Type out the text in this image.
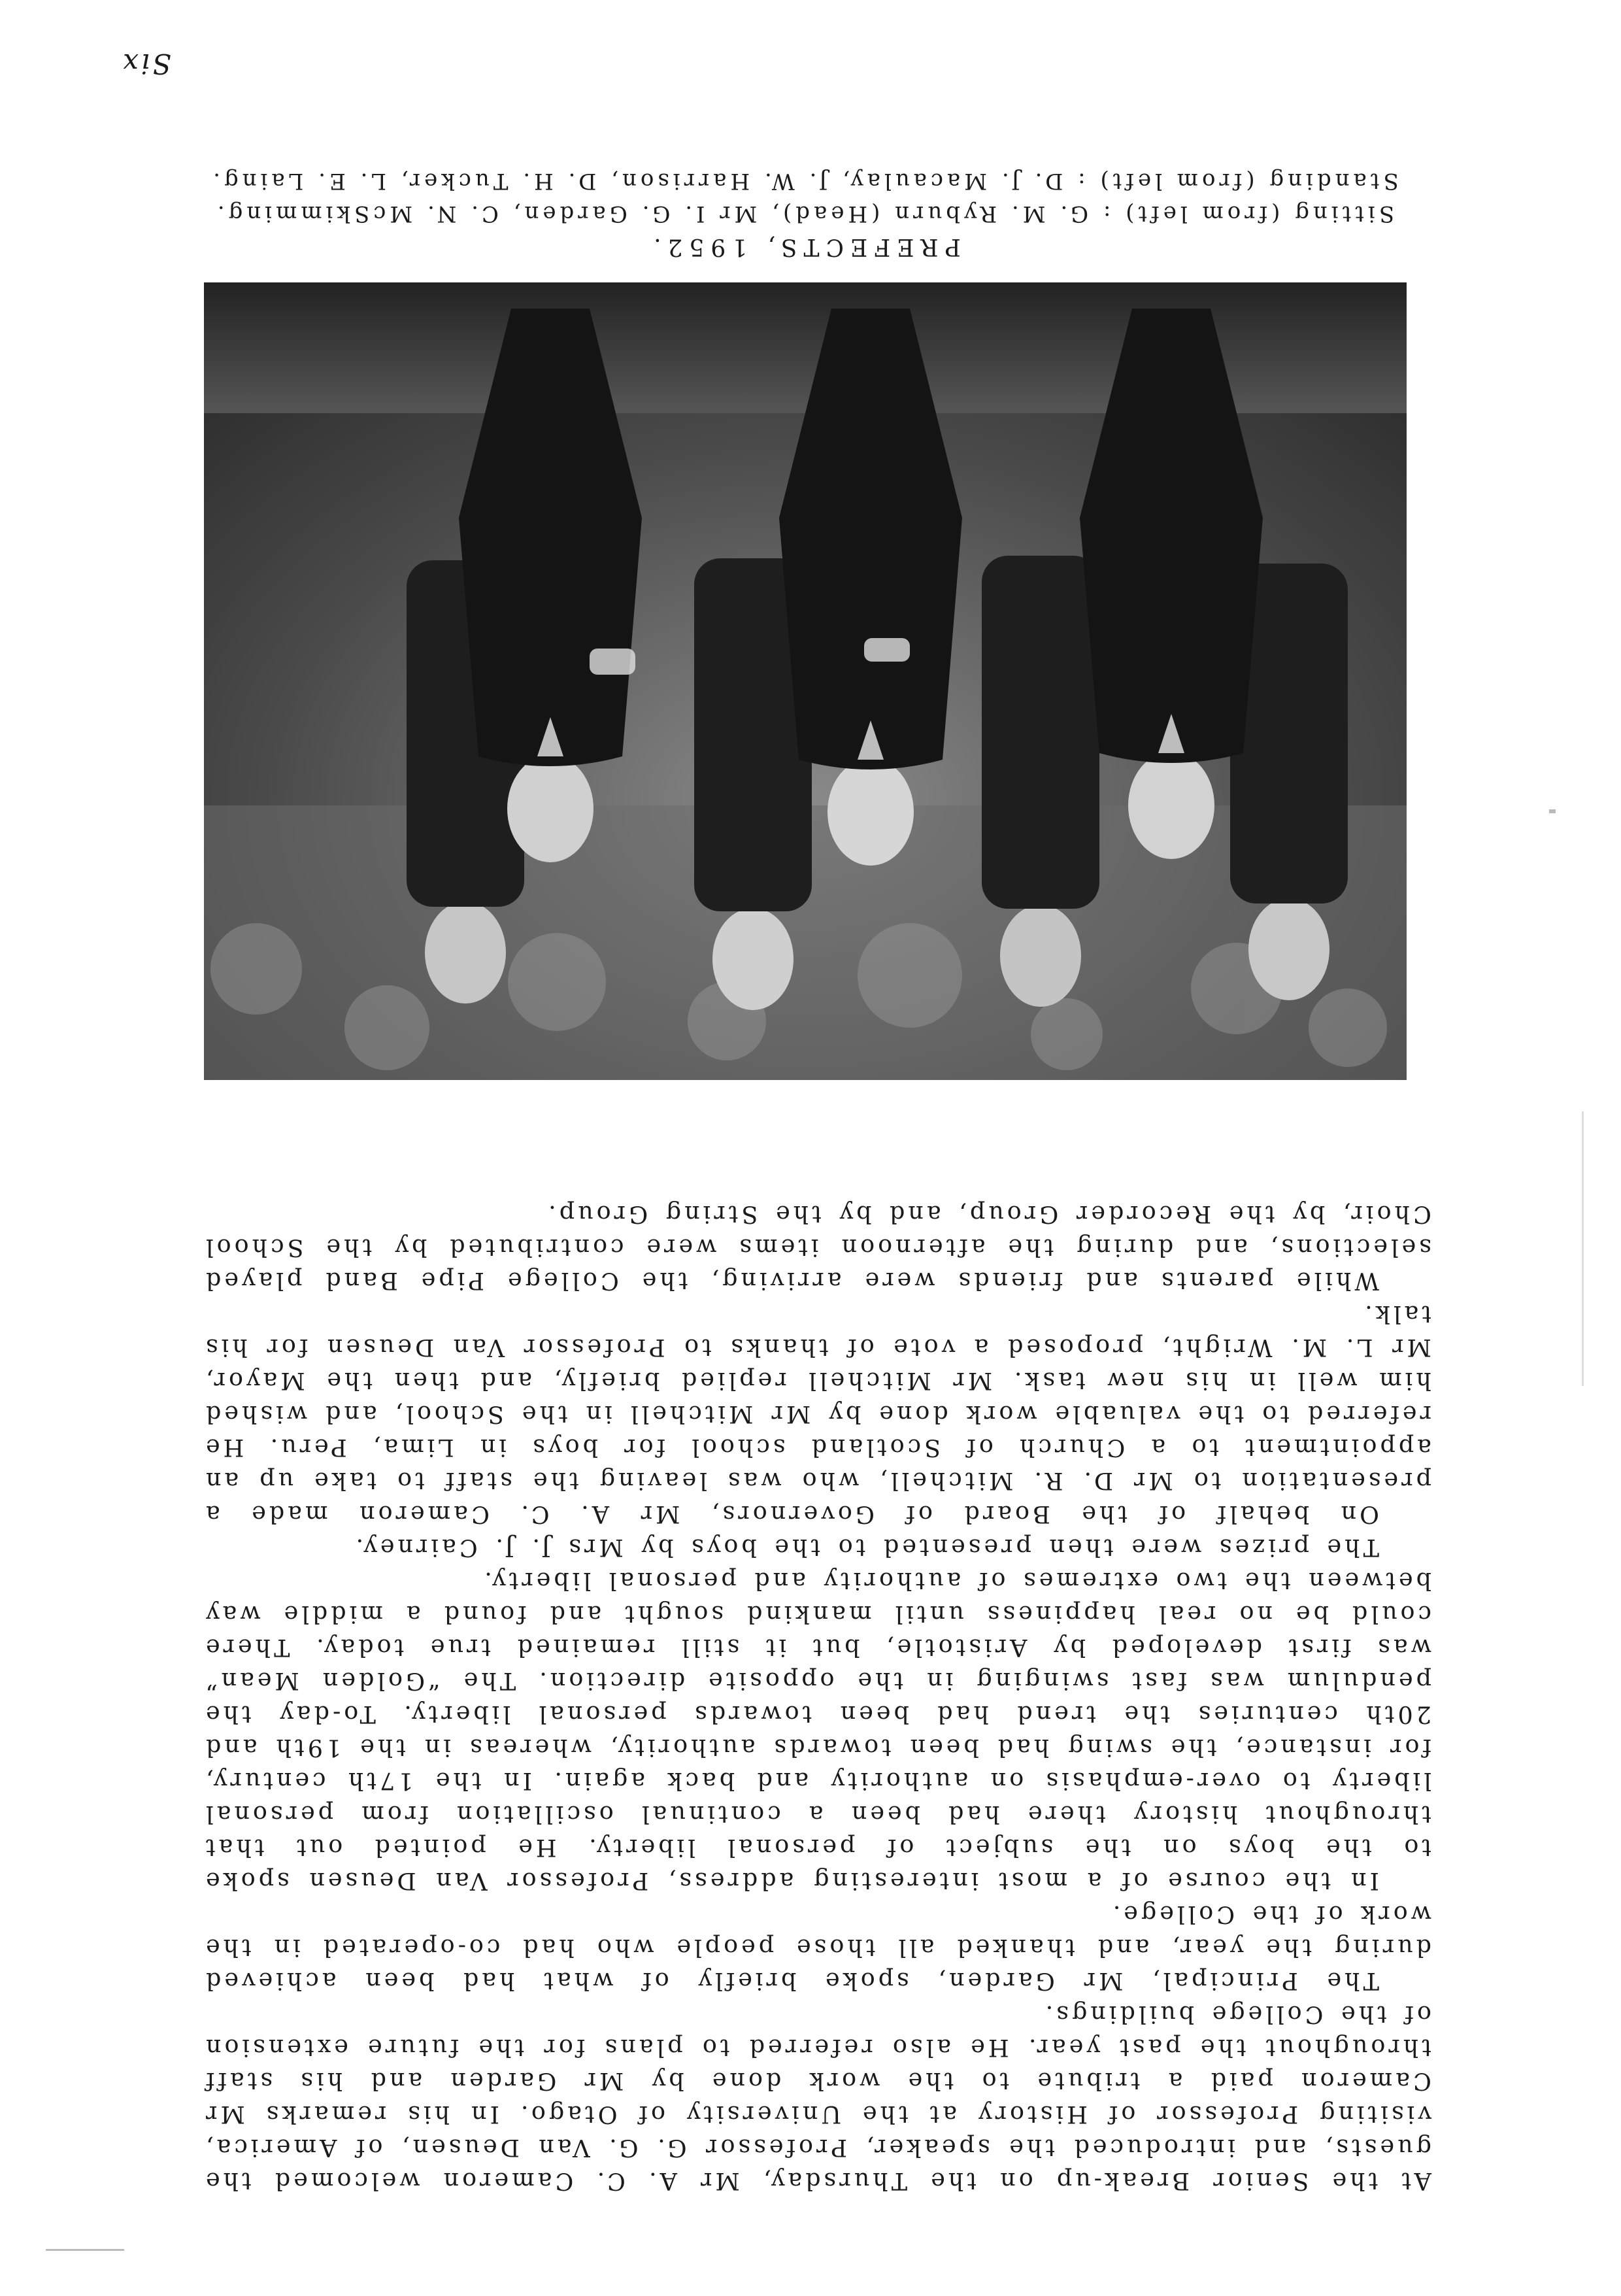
At the Senior Break-up on the Thursday, Mr A. C. Cameron welcomed the guests, and introduced the speaker, Professor G. G. Van Deusen, of America, visiting Professor of History at the University of Otago. In his remarks Mr Cameron paid a tribute to the work done by Mr Garden and his staff throughout the past year. He also referred to plans for the future extension of the College buildings.

The Principal, Mr Garden, spoke briefly of what had been achieved during the year, and thanked all those people who had co-operated in the work of the College.

In the course of a most interesting address, Professor Van Deusen spoke to the boys on the subject of personal liberty. He pointed out that throughout history there had been a continual oscillation from personal liberty to over-emphasis on authority and back again. In the 17th century, for instance, the swing had been towards authority, whereas in the 19th and 20th centuries the trend had been towards personal liberty. To-day the pendulum was fast swinging in the opposite direction. The “Golden Mean” was first developed by Aristotle, but it still remained true today. There could be no real happiness until mankind sought and found a middle way between the two extremes of authority and personal liberty.

The prizes were then presented to the boys by Mrs J. J. Cairney.

On behalf of the Board of Governors, Mr A. C. Cameron made a presentation to Mr D. R. Mitchell, who was leaving the staff to take up an appointment to a Church of Scotland school for boys in Lima, Peru. He referred to the valuable work done by Mr Mitchell in the School, and wished him well in his new task. Mr Mitchell replied briefly, and then the Mayor, Mr L. M. Wright, proposed a vote of thanks to Professor Van Deusen for his talk.

While parents and friends were arriving, the College Pipe Band played selections, and during the afternoon items were contributed by the School Choir, by the Recorder Group, and by the String Group.

PREFECTS, 1952.
Sitting (from left) : G. M. Ryburn (Head), Mr I. G. Garden, C. N. McSkimming.
Standing (from left) : D. J. Macaulay, J. W. Harrison, D. H. Tucker, L. E. Laing.
Six
